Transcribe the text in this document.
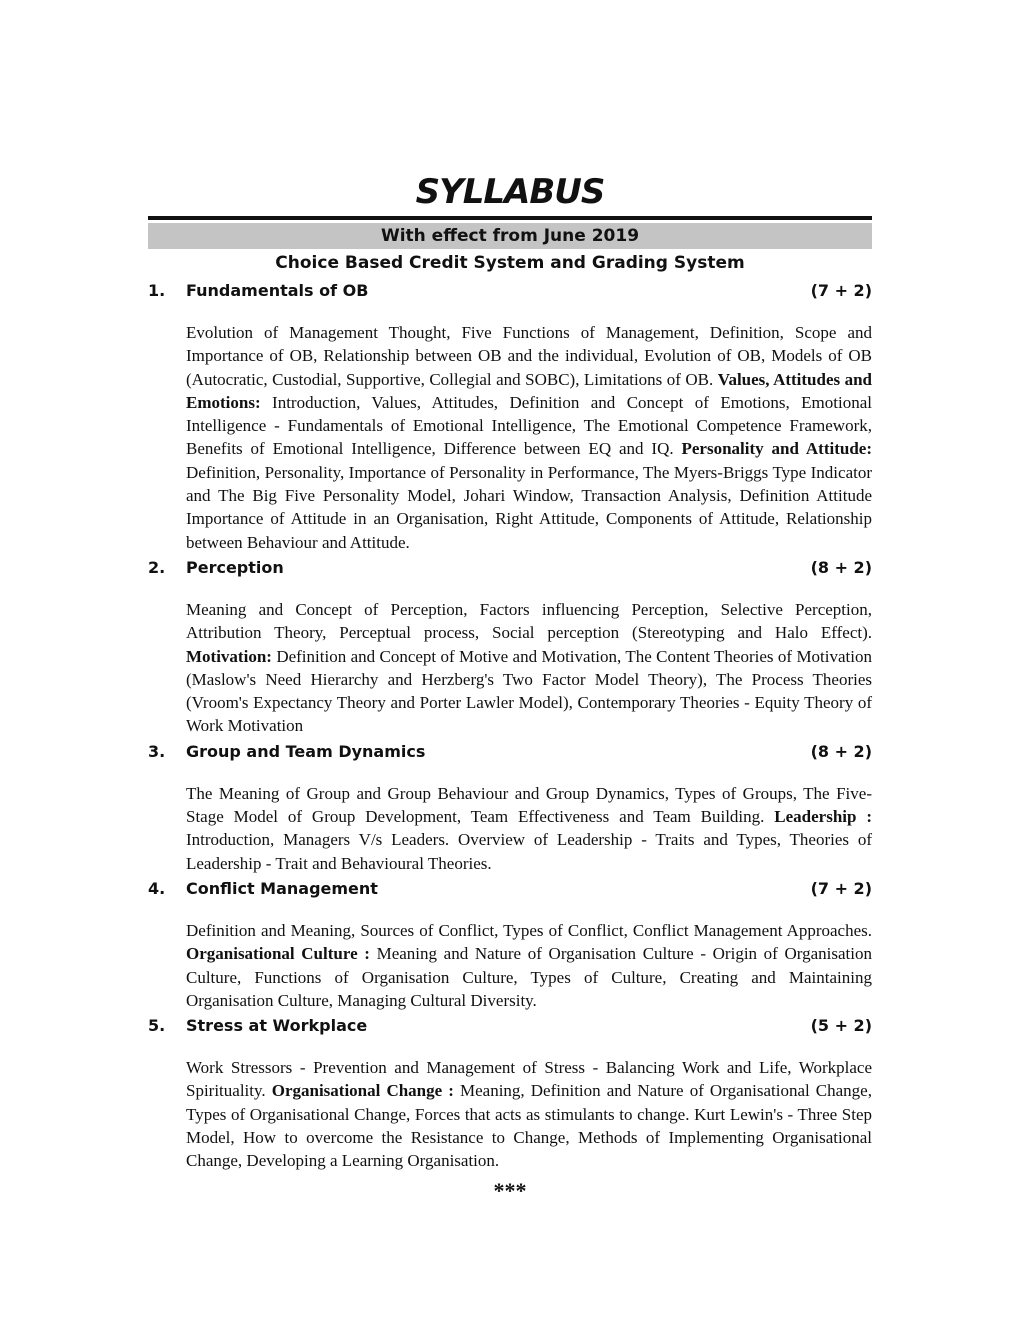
SYLLABUS
With effect from June 2019
Choice Based Credit System and Grading System
1.	Fundamentals of OB	(7 + 2)

Evolution of Management Thought, Five Functions of Management, Definition, Scope and Importance of OB, Relationship between OB and the individual, Evolution of OB, Models of OB (Autocratic, Custodial, Supportive, Collegial and SOBC), Limitations of OB. Values, Attitudes and Emotions: Introduction, Values, Attitudes, Definition and Concept of Emotions, Emotional Intelligence - Fundamentals of Emotional Intelligence, The Emotional Competence Framework, Benefits of Emotional Intelligence, Difference between EQ and IQ. Personality and Attitude: Definition, Personality, Importance of Personality in Performance, The Myers-Briggs Type Indicator and The Big Five Personality Model, Johari Window, Transaction Analysis, Definition Attitude Importance of Attitude in an Organisation, Right Attitude, Components of Attitude, Relationship between Behaviour and Attitude.

2.	Perception	(8 + 2)

Meaning and Concept of Perception, Factors influencing Perception, Selective Perception, Attribution Theory, Perceptual process, Social perception (Stereotyping and Halo Effect). Motivation: Definition and Concept of Motive and Motivation, The Content Theories of Motivation (Maslow's Need Hierarchy and Herzberg's Two Factor Model Theory), The Process Theories (Vroom's Expectancy Theory and Porter Lawler Model), Contemporary Theories - Equity Theory of Work Motivation

3.	Group and Team Dynamics	(8 + 2)

The Meaning of Group and Group Behaviour and Group Dynamics, Types of Groups, The Five-Stage Model of Group Development, Team Effectiveness and Team Building. Leadership : Introduction, Managers V/s Leaders. Overview of Leadership - Traits and Types, Theories of Leadership - Trait and Behavioural Theories.

4.	Conflict Management	(7 + 2)

Definition and Meaning, Sources of Conflict, Types of Conflict, Conflict Management Approaches. Organisational Culture : Meaning and Nature of Organisation Culture - Origin of Organisation Culture, Functions of Organisation Culture, Types of Culture, Creating and Maintaining Organisation Culture, Managing Cultural Diversity.

5.	Stress at Workplace	(5 + 2)

Work Stressors - Prevention and Management of Stress - Balancing Work and Life, Workplace Spirituality. Organisational Change : Meaning, Definition and Nature of Organisational Change, Types of Organisational Change, Forces that acts as stimulants to change. Kurt Lewin's - Three Step Model, How to overcome the Resistance to Change, Methods of Implementing Organisational Change, Developing a Learning Organisation.

***
